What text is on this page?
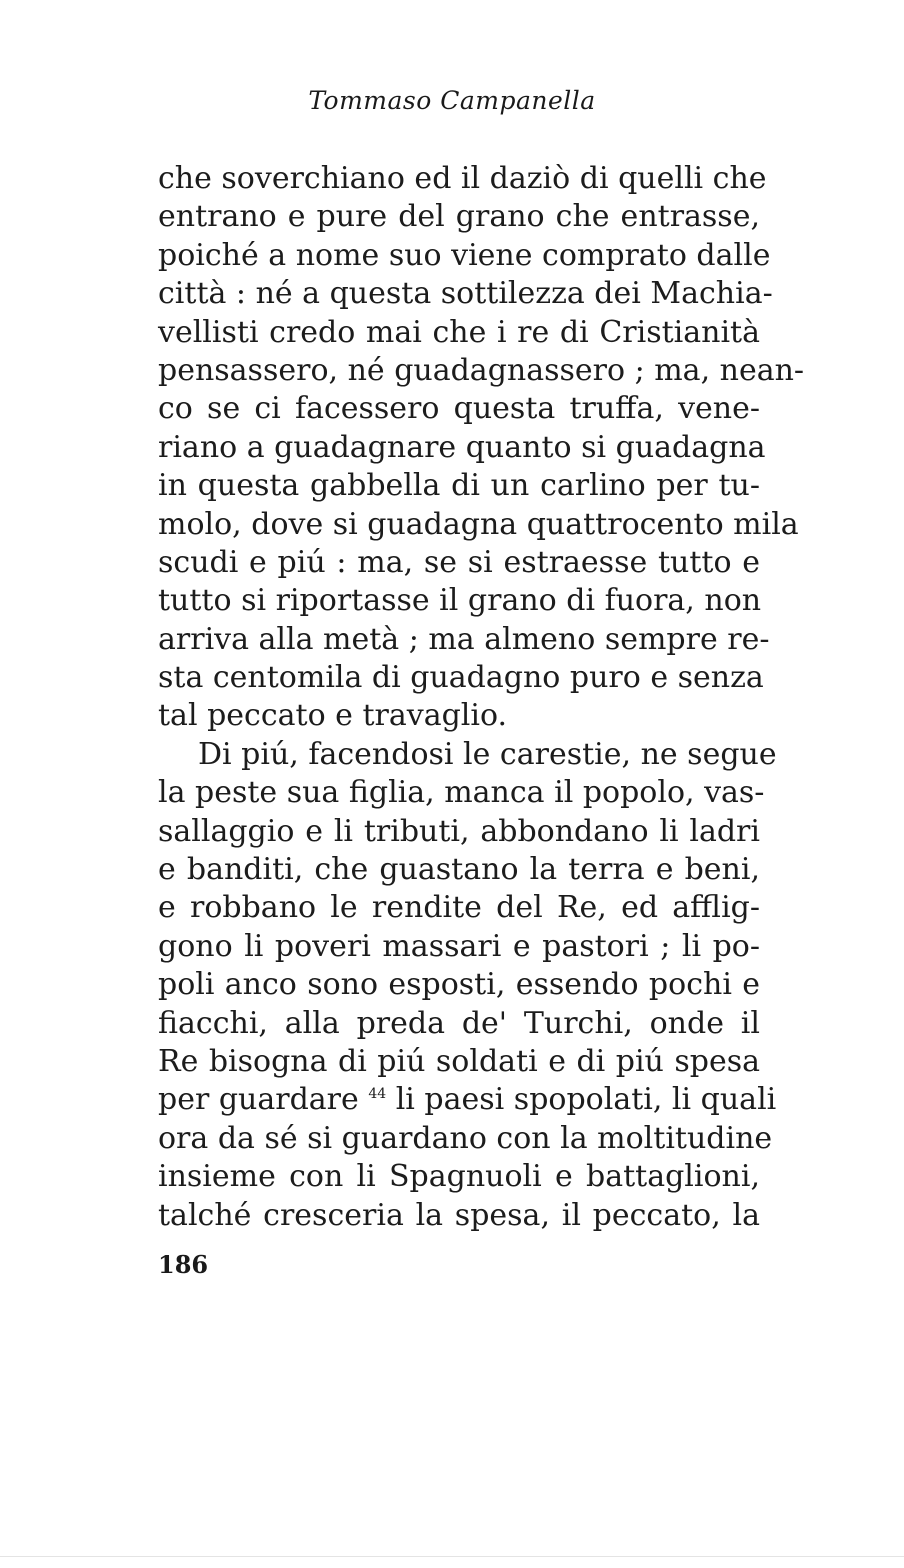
Tommaso Campanella
che soverchiano ed il daziò di quelli che
entrano e pure del grano che entrasse,
poiché a nome suo viene comprato dalle
città : né a questa sottilezza dei Machia-
vellisti credo mai che i re di Cristianità
pensassero, né guadagnassero ; ma, nean-
co se ci facessero questa truffa, vene-
riano a guadagnare quanto si guadagna
in questa gabbella di un carlino per tu-
molo, dove si guadagna quattrocento mila
scudi e piú : ma, se si estraesse tutto e
tutto si riportasse il grano di fuora, non
arriva alla metà ; ma almeno sempre re-
sta centomila di guadagno puro e senza
tal peccato e travaglio.
Di piú, facendosi le carestie, ne segue
la peste sua figlia, manca il popolo, vas-
sallaggio e li tributi, abbondano li ladri
e banditi, che guastano la terra e beni,
e robbano le rendite del Re, ed afflig-
gono li poveri massari e pastori ; li po-
poli anco sono esposti, essendo pochi e
fiacchi, alla preda de' Turchi, onde il
Re bisogna di piú soldati e di piú spesa
per guardare $^{44}$ li paesi spopolati, li quali
ora da sé si guardano con la moltitudine
insieme con li Spagnuoli e battaglioni,
talché cresceria la spesa, il peccato, la
186
